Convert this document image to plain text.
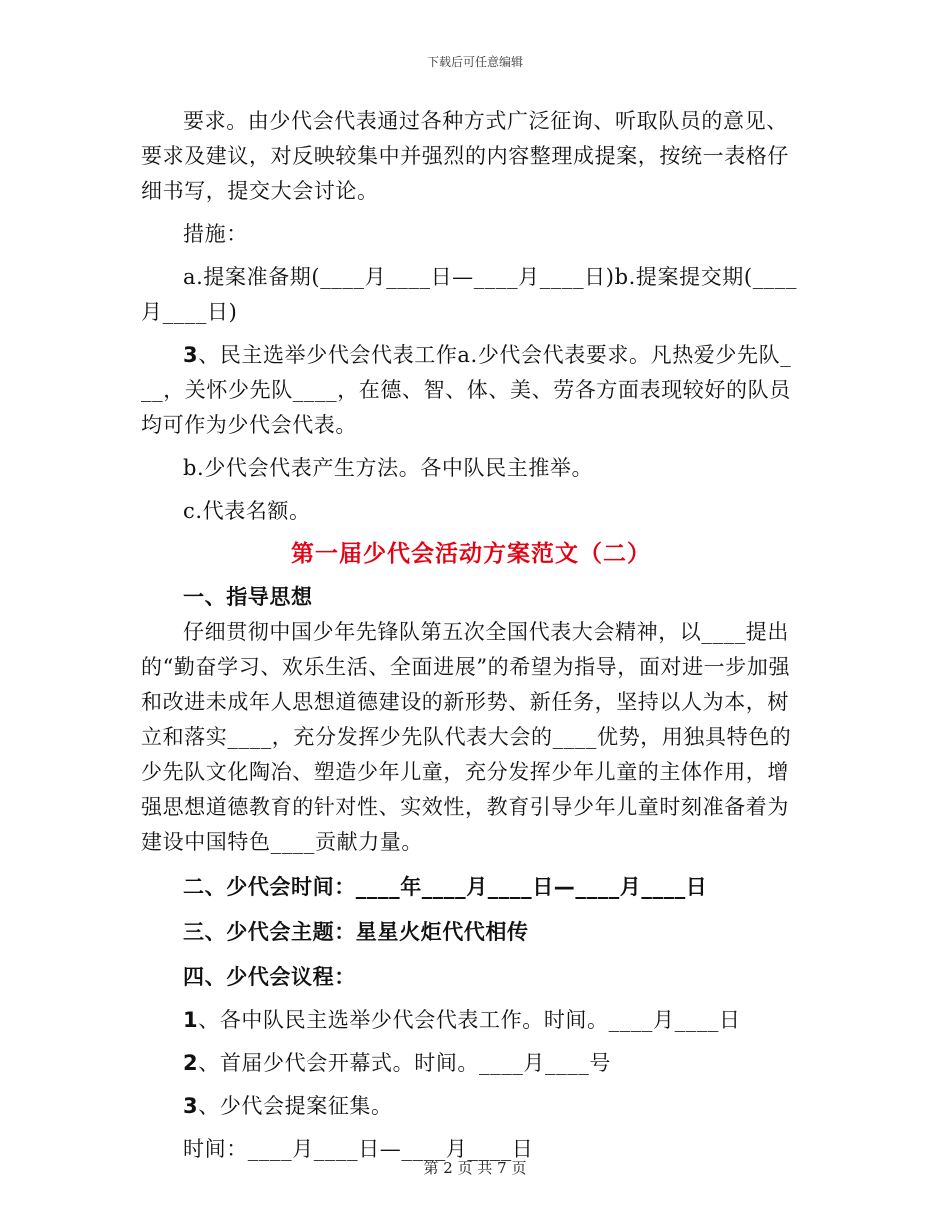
下载后可任意编辑

要求。由少代会代表通过各种方式广泛征询、听取队员的意见、要求及建议，对反映较集中并强烈的内容整理成提案，按统一表格仔细书写，提交大会讨论。

措施：

a.提案准备期(____月____日—____月____日)b.提案提交期(____月____日)

3、民主选举少代会代表工作a.少代会代表要求。凡热爱少先队___，关怀少先队____，在德、智、体、美、劳各方面表现较好的队员均可作为少代会代表。

b.少代会代表产生方法。各中队民主推举。

c.代表名额。

第一届少代会活动方案范文（二）

一、指导思想

仔细贯彻中国少年先锋队第五次全国代表大会精神，以____提出的“勤奋学习、欢乐生活、全面进展”的希望为指导，面对进一步加强和改进未成年人思想道德建设的新形势、新任务，坚持以人为本，树立和落实____，充分发挥少先队代表大会的____优势，用独具特色的少先队文化陶冶、塑造少年儿童，充分发挥少年儿童的主体作用，增强思想道德教育的针对性、实效性，教育引导少年儿童时刻准备着为建设中国特色____贡献力量。

二、少代会时间：____年____月____日—____月____日

三、少代会主题：星星火炬代代相传

四、少代会议程：

1、各中队民主选举少代会代表工作。时间。____月____日

2、首届少代会开幕式。时间。____月____号

3、少代会提案征集。

时间：____月____日—____月____日

第 2 页 共 7 页
